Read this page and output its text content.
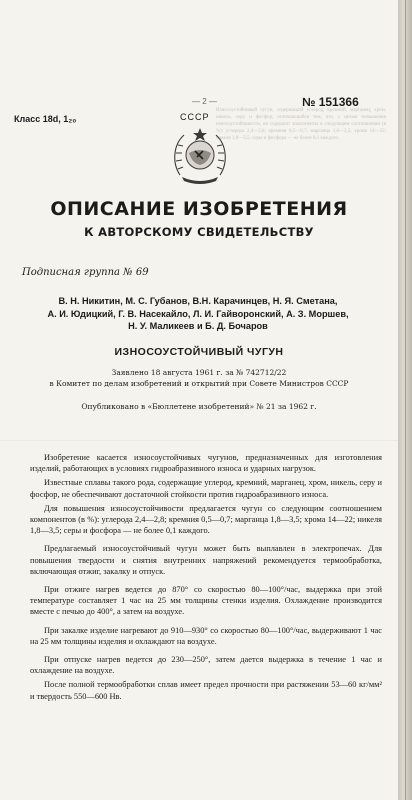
— 2 —
Износоустойчивый чугун, содержащий углерод, кремний, марганец, хром, никель, серу и фосфор, отличающийся тем, что, с целью повышения износоустойчивости, он содержит компоненты в следующем соотношении (в %): углерода 2,4—2,8; кремния 0,5—0,7; марганца 1,8—3,5; хрома 14—22; никеля 1,8—3,5; серы и фосфора — не более 0,1 каждого.
Класс 18d, 1₂₀
№ 151366
СССР
ОПИСАНИЕ ИЗОБРЕТЕНИЯ
К АВТОРСКОМУ СВИДЕТЕЛЬСТВУ
Подписная группа № 69
В. Н. Никитин, М. С. Губанов, В.Н. Карачинцев, Н. Я. Сметана,
А. И. Юдицкий, Г. В. Насекайло, Л. И. Гайворонский, А. З. Моршев,
Н. У. Маликеев и Б. Д. Бочаров
ИЗНОСОУСТОЙЧИВЫЙ ЧУГУН
Заявлено 18 августа 1961 г. за № 742712/22
в Комитет по делам изобретений и открытий при Совете Министров СССР
Опубликовано в «Бюллетене изобретений» № 21 за 1962 г.

Изобретение касается износоустойчивых чугунов, предназначенных для изготовления изделий, работающих в условиях гидроабразивного износа и ударных нагрузок.

Известные сплавы такого рода, содержащие углерод, кремний, марганец, хром, никель, серу и фосфор, не обеспечивают достаточной стойкости против гидроабразивного износа.

Для повышения износоустойчивости предлагается чугун со следующим соотношением компонентов (в %): углерода 2,4—2,8; кремния 0,5—0,7; марганца 1,8—3,5; хрома 14—22; никеля 1,8—3,5; серы и фосфора — не более 0,1 каждого.

Предлагаемый износоустойчивый чугун может быть выплавлен в электропечах. Для повышения твердости и снятия внутренних напряжений рекомендуется термообработка, включающая отжиг, закалку и отпуск.

При отжиге нагрев ведется до 870° со скоростью 80—100°/час, выдержка при этой температуре составляет 1 час на 25 мм толщины стенки изделия. Охлаждение производится вместе с печью до 400°, а затем на воздухе.

При закалке изделие нагревают до 910—930° со скоростью 80—100°/час, выдерживают 1 час на 25 мм толщины изделия и охлаждают на воздухе.

При отпуске нагрев ведется до 230—250°, затем дается выдержка в течение 1 час и охлаждение на воздухе.

После полной термообработки сплав имеет предел прочности при растяжении 53—60 кг/мм² и твердость 550—600 Нв.
